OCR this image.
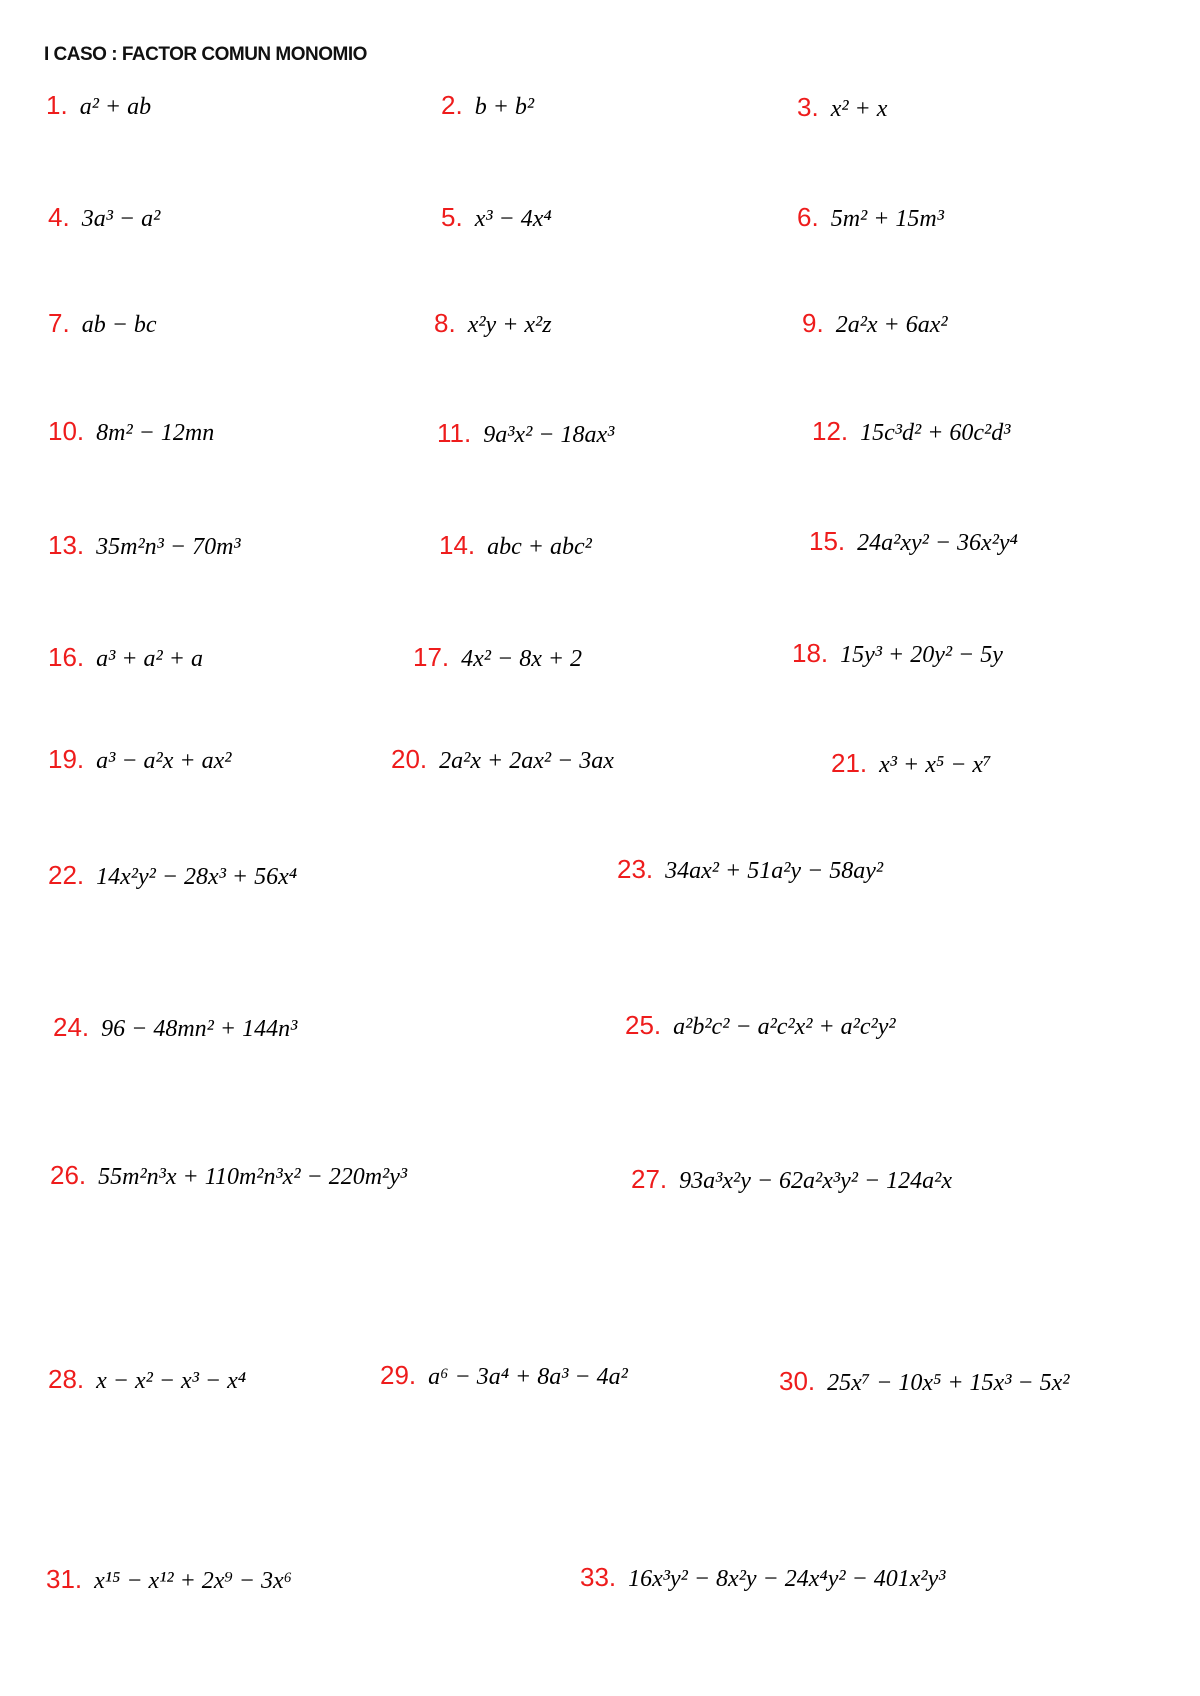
I CASO : FACTOR COMUN MONOMIO
1. a² + ab	2. b + b²	3. x² + x
4. 3a³ − a²	5. x³ − 4x⁴	6. 5m² + 15m³
7. ab − bc	8. x²y + x²z	9. 2a²x + 6ax²
10. 8m² − 12mn	11. 9a³x² − 18ax³	12. 15c³d² + 60c²d³
13. 35m²n³ − 70m³	14. abc + abc²	15. 24a²xy² − 36x²y⁴
16. a³ + a² + a	17. 4x² − 8x + 2	18. 15y³ + 20y² − 5y
19. a³ − a²x + ax²	20. 2a²x + 2ax² − 3ax	21. x³ + x⁵ − x⁷
22. 14x²y² − 28x³ + 56x⁴	23. 34ax² + 51a²y − 58ay²
24. 96 − 48mn² + 144n³	25. a²b²c² − a²c²x² + a²c²y²
26. 55m²n³x + 110m²n³x² − 220m²y³	27. 93a³x²y − 62a²x³y² − 124a²x
28. x − x² − x³ − x⁴	29. a⁶ − 3a⁴ + 8a³ − 4a²	30. 25x⁷ − 10x⁵ + 15x³ − 5x²
31. x¹⁵ − x¹² + 2x⁹ − 3x⁶	33. 16x³y² − 8x²y − 24x⁴y² − 401x²y³
